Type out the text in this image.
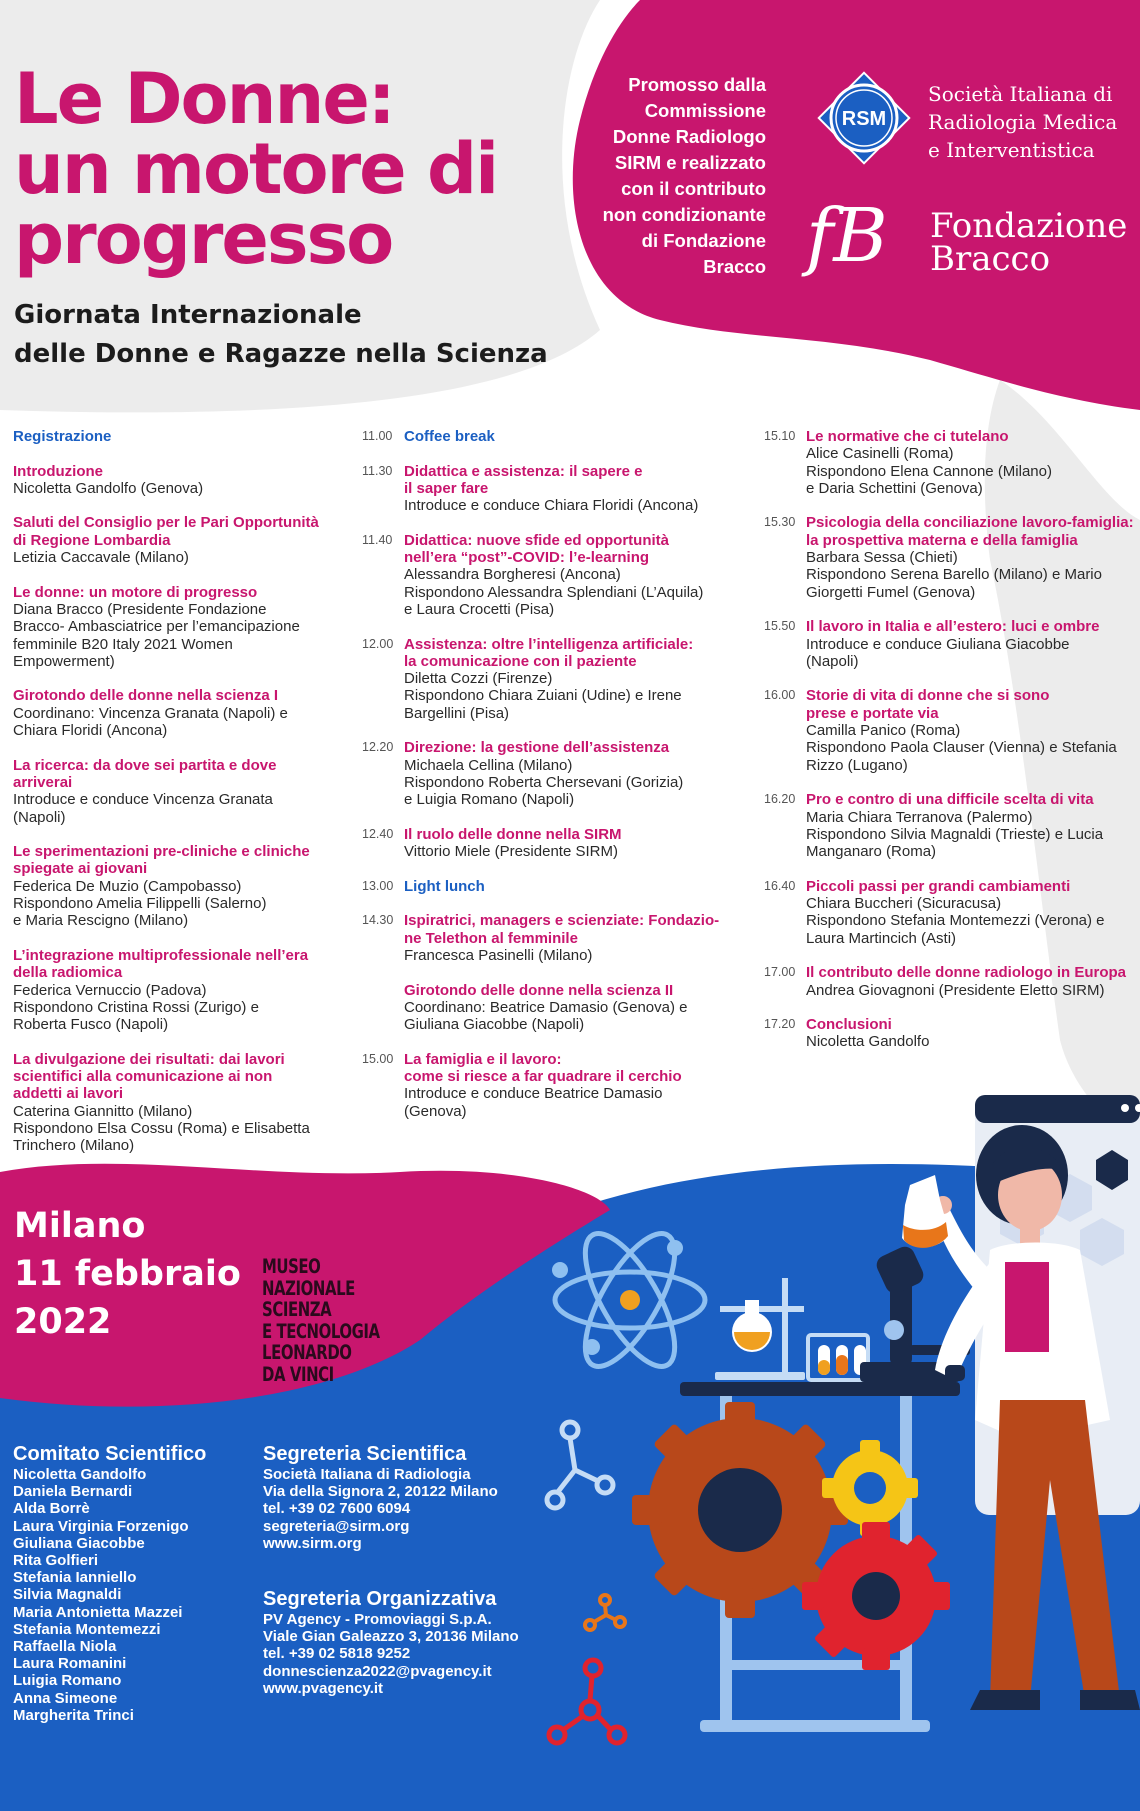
Le Donne:
un motore di
progresso
Giornata Internazionale
delle Donne e Ragazze nella Scienza
Promosso dalla
Commissione
Donne Radiologo
SIRM e realizzato
con il contributo
non condizionante
di Fondazione
Bracco
RSM
Società Italiana di
Radiologia Medica
e Interventistica
fB	Fondazione
Bracco
Registrazione
Introduzione
Nicoletta Gandolfo (Genova)
Saluti del Consiglio per le Pari Opportunità
di Regione Lombardia
Letizia Caccavale (Milano)
Le donne: un motore di progresso
Diana Bracco (Presidente Fondazione
Bracco- Ambasciatrice per l’emancipazione
femminile B20 Italy 2021 Women
Empowerment)
Girotondo delle donne nella scienza I
Coordinano: Vincenza Granata (Napoli) e
Chiara Floridi (Ancona)
La ricerca: da dove sei partita e dove
arriverai
Introduce e conduce Vincenza Granata
(Napoli)
Le sperimentazioni pre-cliniche e cliniche
spiegate ai giovani
Federica De Muzio (Campobasso)
Rispondono Amelia Filippelli (Salerno)
e Maria Rescigno (Milano)
L’integrazione multiprofessionale nell’era
della radiomica
Federica Vernuccio (Padova)
Rispondono Cristina Rossi (Zurigo) e
Roberta Fusco (Napoli)
La divulgazione dei risultati: dai lavori
scientifici alla comunicazione ai non
addetti ai lavori
Caterina Giannitto (Milano)
Rispondono Elsa Cossu (Roma) e Elisabetta
Trinchero (Milano)
11.00 Coffee break
11.30 Didattica e assistenza: il sapere e
il saper fare
Introduce e conduce Chiara Floridi (Ancona)
11.40 Didattica: nuove sfide ed opportunità
nell’era “post”-COVID: l’e-learning
Alessandra Borgheresi (Ancona)
Rispondono Alessandra Splendiani (L’Aquila)
e Laura Crocetti (Pisa)
12.00 Assistenza: oltre l’intelligenza artificiale:
la comunicazione con il paziente
Diletta Cozzi (Firenze)
Rispondono Chiara Zuiani (Udine) e Irene
Bargellini (Pisa)
12.20 Direzione: la gestione dell’assistenza
Michaela Cellina (Milano)
Rispondono Roberta Chersevani (Gorizia)
e Luigia Romano (Napoli)
12.40 Il ruolo delle donne nella SIRM
Vittorio Miele (Presidente SIRM)
13.00 Light lunch
14.30 Ispiratrici, managers e scienziate: Fondazio-
ne Telethon al femminile
Francesca Pasinelli (Milano)
Girotondo delle donne nella scienza II
Coordinano: Beatrice Damasio (Genova) e
Giuliana Giacobbe (Napoli)
15.00 La famiglia e il lavoro:
come si riesce a far quadrare il cerchio
Introduce e conduce Beatrice Damasio
(Genova)
15.10 Le normative che ci tutelano
Alice Casinelli (Roma)
Rispondono Elena Cannone (Milano)
e Daria Schettini (Genova)
15.30 Psicologia della conciliazione lavoro-famiglia:
la prospettiva materna e della famiglia
Barbara Sessa (Chieti)
Rispondono Serena Barello (Milano) e Mario
Giorgetti Fumel (Genova)
15.50 Il lavoro in Italia e all’estero: luci e ombre
Introduce e conduce Giuliana Giacobbe
(Napoli)
16.00 Storie di vita di donne che si sono
prese e portate via
Camilla Panico (Roma)
Rispondono Paola Clauser (Vienna) e Stefania
Rizzo (Lugano)
16.20 Pro e contro di una difficile scelta di vita
Maria Chiara Terranova (Palermo)
Rispondono Silvia Magnaldi (Trieste) e Lucia
Manganaro (Roma)
16.40 Piccoli passi per grandi cambiamenti
Chiara Buccheri (Sicuracusa)
Rispondono Stefania Montemezzi (Verona) e
Laura Martincich (Asti)
17.00 Il contributo delle donne radiologo in Europa
Andrea Giovagnoni (Presidente Eletto SIRM)
17.20 Conclusioni
Nicoletta Gandolfo
Milano
11 febbraio
2022
MUSEO
NAZIONALE
SCIENZA
E TECNOLOGIA
LEONARDO
DA VINCI
Comitato Scientifico
Nicoletta Gandolfo
Daniela Bernardi
Alda Borrè
Laura Virginia Forzenigo
Giuliana Giacobbe
Rita Golfieri
Stefania Ianniello
Silvia Magnaldi
Maria Antonietta Mazzei
Stefania Montemezzi
Raffaella Niola
Laura Romanini
Luigia Romano
Anna Simeone
Margherita Trinci
Segreteria Scientifica
Società Italiana di Radiologia
Via della Signora 2, 20122 Milano
tel. +39 02 7600 6094
segreteria@sirm.org
www.sirm.org
Segreteria Organizzativa
PV Agency - Promoviaggi S.p.A.
Viale Gian Galeazzo 3, 20136 Milano
tel. +39 02 5818 9252
donnescienza2022@pvagency.it
www.pvagency.it
